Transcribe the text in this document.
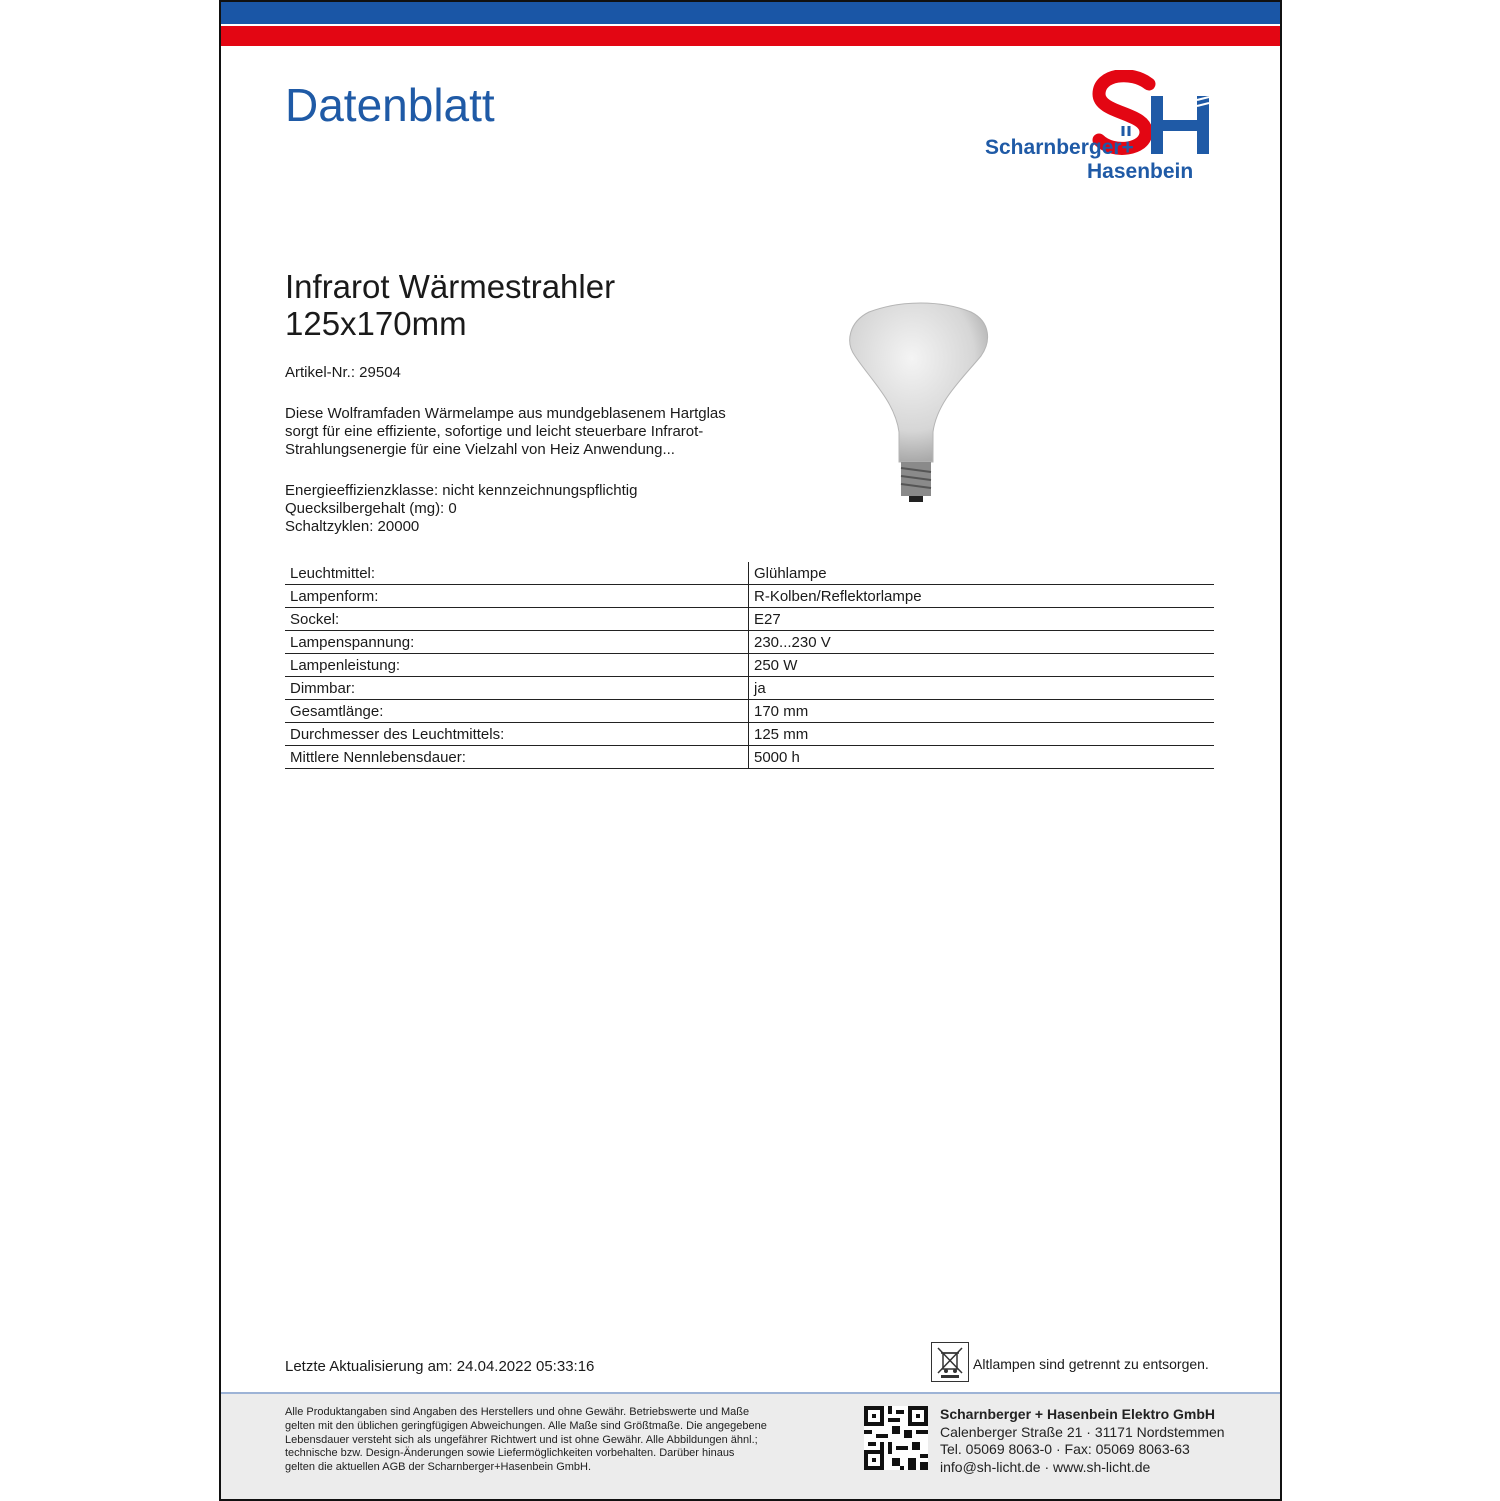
Datenblatt
Scharnberger+
Hasenbein
Infrarot Wärmestrahler
125x170mm
Artikel-Nr.: 29504
Diese Wolframfaden Wärmelampe aus mundgeblasenem Hartglas
sorgt für eine effiziente, sofortige und leicht steuerbare Infrarot-
Strahlungsenergie für eine Vielzahl von Heiz Anwendung...
Energieeffizienzklasse: nicht kennzeichnungspflichtig
Quecksilbergehalt (mg): 0
Schaltzyklen: 20000
Leuchtmittel:	Glühlampe
Lampenform:	R-Kolben/Reflektorlampe
Sockel:	E27
Lampenspannung:	230...230 V
Lampenleistung:	250 W
Dimmbar:	ja
Gesamtlänge:	170 mm
Durchmesser des Leuchtmittels:	125 mm
Mittlere Nennlebensdauer:	5000 h
Letzte Aktualisierung am: 24.04.2022 05:33:16	Altlampen sind getrennt zu entsorgen.
Alle Produktangaben sind Angaben des Herstellers und ohne Gewähr. Betriebswerte und Maße
gelten mit den üblichen geringfügigen Abweichungen. Alle Maße sind Größtmaße. Die angegebene
Lebensdauer versteht sich als ungefährer Richtwert und ist ohne Gewähr. Alle Abbildungen ähnl.;
technische bzw. Design-Änderungen sowie Liefermöglichkeiten vorbehalten. Darüber hinaus
gelten die aktuellen AGB der Scharnberger+Hasenbein GmbH.
Scharnberger + Hasenbein Elektro GmbH
Calenberger Straße 21 · 31171 Nordstemmen
Tel. 05069 8063-0 · Fax: 05069 8063-63
info@sh-licht.de · www.sh-licht.de
